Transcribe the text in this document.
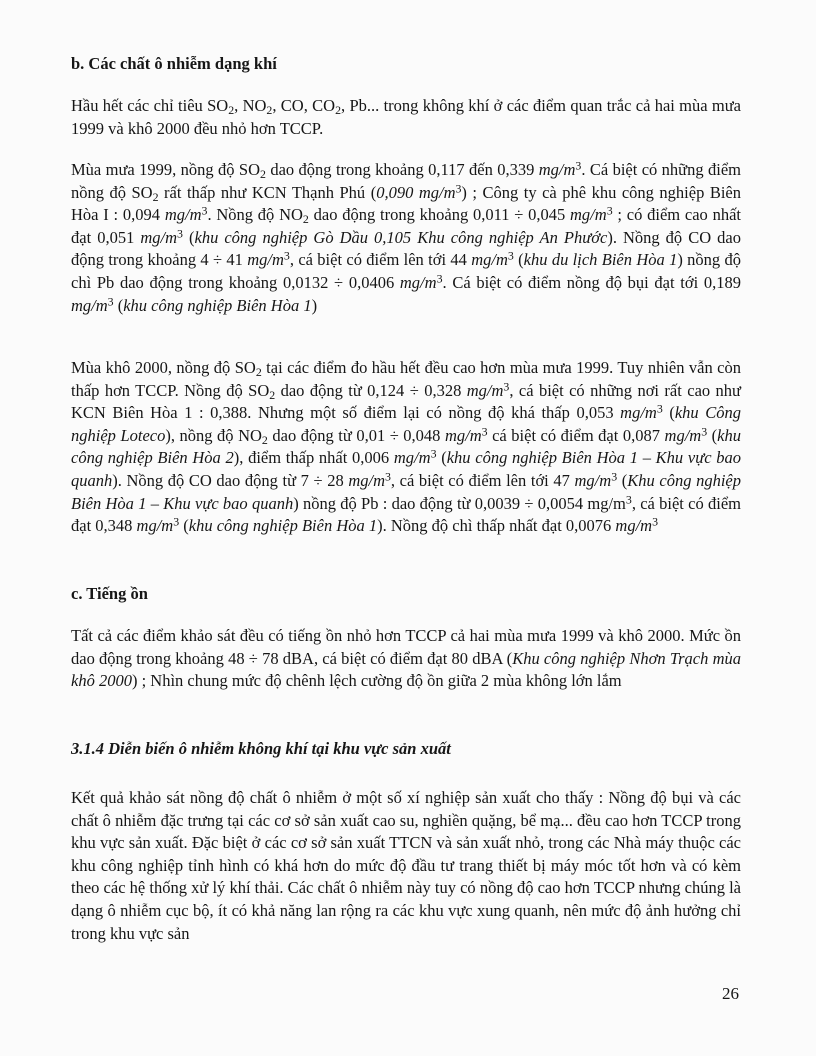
b. Các chất ô nhiễm dạng khí

Hầu hết các chỉ tiêu $SO_2$, $NO_2$, CO, $CO_2$, Pb... trong không khí ở các điểm quan trắc cả hai mùa mưa 1999 và khô 2000 đều nhỏ hơn TCCP.

Mùa mưa 1999, nồng độ $SO_2$ dao động trong khoảng 0,117 đến 0,339 $mg/m^3$. Cá biệt có những điểm nồng độ $SO_2$ rất thấp như KCN Thạnh Phú (0,090 $mg/m^3$) ; Công ty cà phê khu công nghiệp Biên Hòa I : 0,094 $mg/m^3$. Nồng độ $NO_2$ dao động trong khoảng 0,011 ÷ 0,045 $mg/m^3$ ; có điểm cao nhất đạt 0,051 $mg/m^3$ (khu công nghiệp Gò Dầu 0,105 Khu công nghiệp An Phước). Nồng độ CO dao động trong khoảng 4 ÷ 41 $mg/m^3$, cá biệt có điểm lên tới 44 $mg/m^3$ (khu du lịch Biên Hòa 1) nồng độ chì Pb dao động trong khoảng 0,0132 ÷ 0,0406 $mg/m^3$. Cá biệt có điểm nồng độ bụi đạt tới 0,189 $mg/m^3$ (khu công nghiệp Biên Hòa 1)

Mùa khô 2000, nồng độ $SO_2$ tại các điểm đo hầu hết đều cao hơn mùa mưa 1999. Tuy nhiên vẫn còn thấp hơn TCCP. Nồng độ $SO_2$ dao động từ 0,124 ÷ 0,328 $mg/m^3$, cá biệt có những nơi rất cao như KCN Biên Hòa 1 : 0,388. Nhưng một số điểm lại có nồng độ khá thấp 0,053 $mg/m^3$ (khu Công nghiệp Loteco), nồng độ $NO_2$ dao động từ 0,01 ÷ 0,048 $mg/m^3$ cá biệt có điểm đạt 0,087 $mg/m^3$ (khu công nghiệp Biên Hòa 2), điểm thấp nhất 0,006 $mg/m^3$ (khu công nghiệp Biên Hòa 1 – Khu vực bao quanh). Nồng độ CO dao động từ 7 ÷ 28 $mg/m^3$, cá biệt có điểm lên tới 47 $mg/m^3$ (Khu công nghiệp Biên Hòa 1 – Khu vực bao quanh) nồng độ Pb : dao động từ 0,0039 ÷ 0,0054 $mg/m^3$, cá biệt có điểm đạt 0,348 $mg/m^3$ (khu công nghiệp Biên Hòa 1). Nồng độ chì thấp nhất đạt 0,0076 $mg/m^3$

c. Tiếng ồn

Tất cả các điểm khảo sát đều có tiếng ồn nhỏ hơn TCCP cả hai mùa mưa 1999 và khô 2000. Mức ồn dao động trong khoảng 48 ÷ 78 dBA, cá biệt có điểm đạt 80 dBA (Khu công nghiệp Nhơn Trạch mùa khô 2000) ; Nhìn chung mức độ chênh lệch cường độ ồn giữa 2 mùa không lớn lắm

3.1.4 Diễn biến ô nhiễm không khí tại khu vực sản xuất

Kết quả khảo sát nồng độ chất ô nhiễm ở một số xí nghiệp sản xuất cho thấy : Nồng độ bụi và các chất ô nhiễm đặc trưng tại các cơ sở sản xuất cao su, nghiền quặng, bể mạ... đều cao hơn TCCP trong khu vực sản xuất. Đặc biệt ở các cơ sở sản xuất TTCN và sản xuất nhỏ, trong các Nhà máy thuộc các khu công nghiệp tỉnh hình có khá hơn do mức độ đầu tư trang thiết bị máy móc tốt hơn và có kèm theo các hệ thống xử lý khí thải. Các chất ô nhiễm này tuy có nồng độ cao hơn TCCP nhưng chúng là dạng ô nhiễm cục bộ, ít có khả năng lan rộng ra các khu vực xung quanh, nên mức độ ảnh hưởng chỉ trong khu vực sản

26
